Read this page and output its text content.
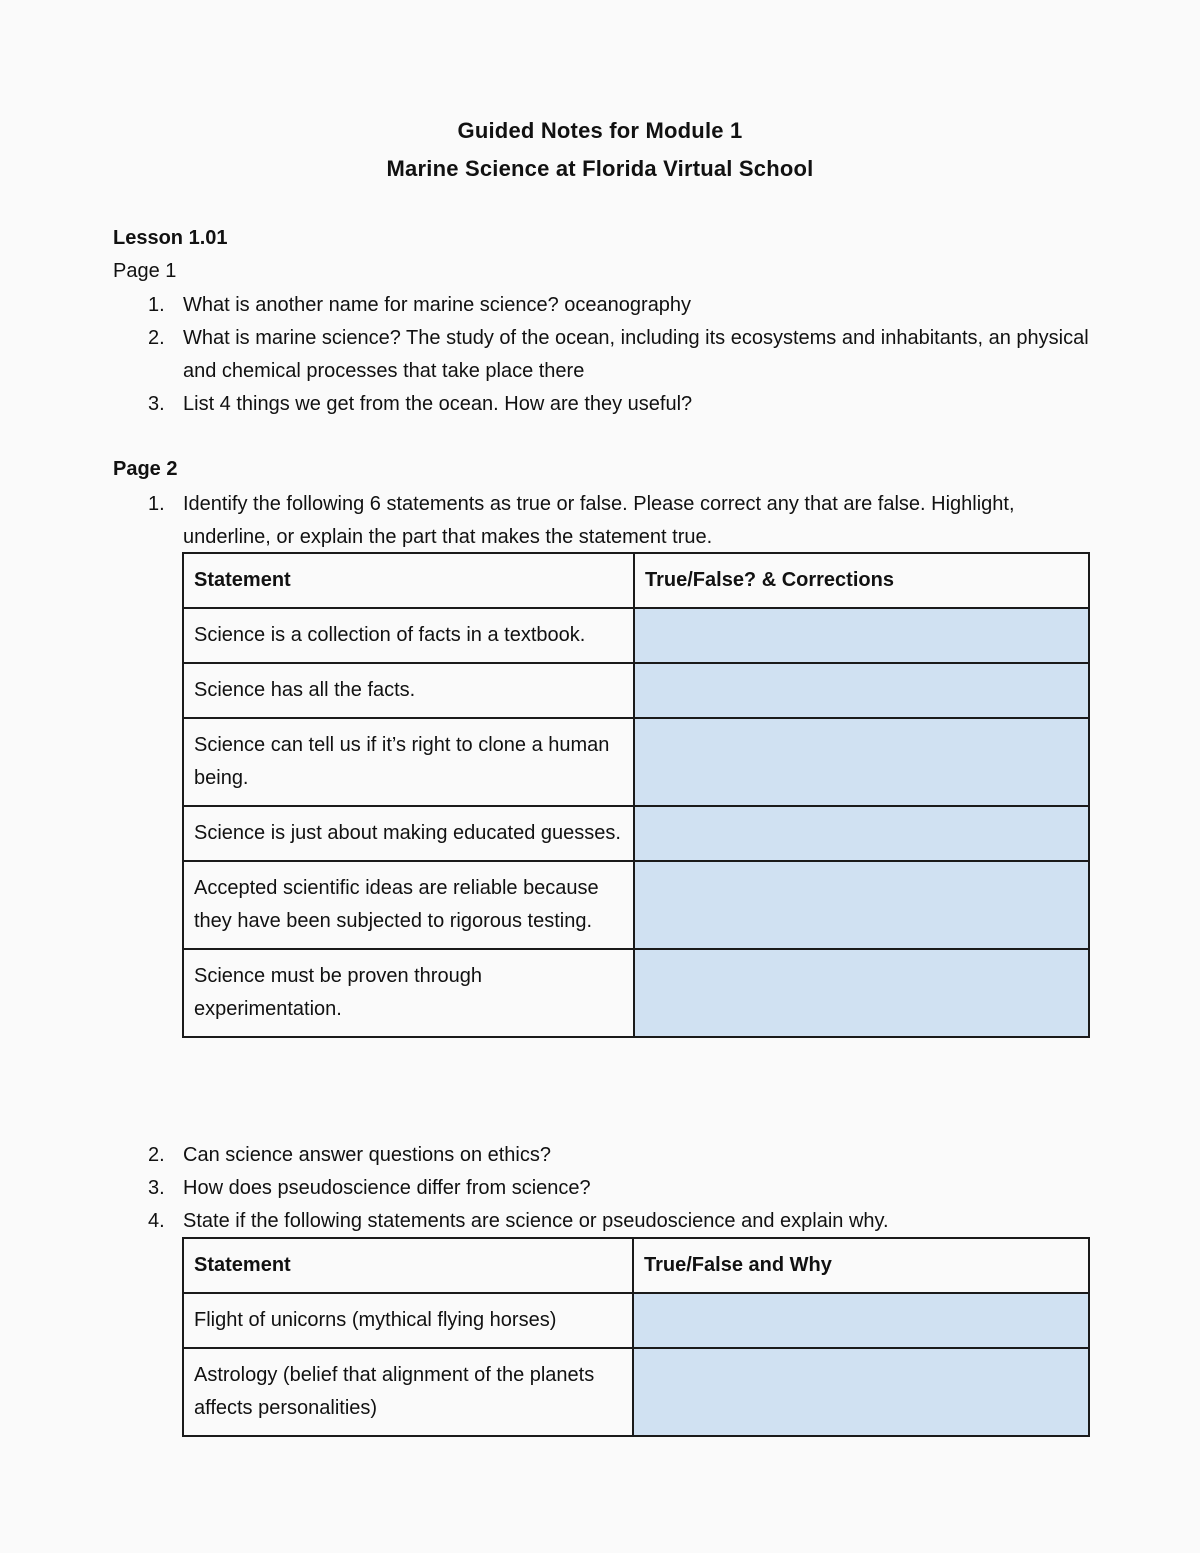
Guided Notes for Module 1
Marine Science at Florida Virtual School
Lesson 1.01
Page 1
1. What is another name for marine science? oceanography
2. What is marine science? The study of the ocean, including its ecosystems and inhabitants, an physical and chemical processes that take place there
3. List 4 things we get from the ocean. How are they useful?
Page 2
1. Identify the following 6 statements as true or false. Please correct any that are false. Highlight, underline, or explain the part that makes the statement true.
Statement	True/False? & Corrections
Science is a collection of facts in a textbook.	
Science has all the facts.	
Science can tell us if it’s right to clone a human being.	
Science is just about making educated guesses.	
Accepted scientific ideas are reliable because they have been subjected to rigorous testing.	
Science must be proven through experimentation.	
2. Can science answer questions on ethics?
3. How does pseudoscience differ from science?
4. State if the following statements are science or pseudoscience and explain why.
Statement	True/False and Why
Flight of unicorns (mythical flying horses)	
Astrology (belief that alignment of the planets affects personalities)	
